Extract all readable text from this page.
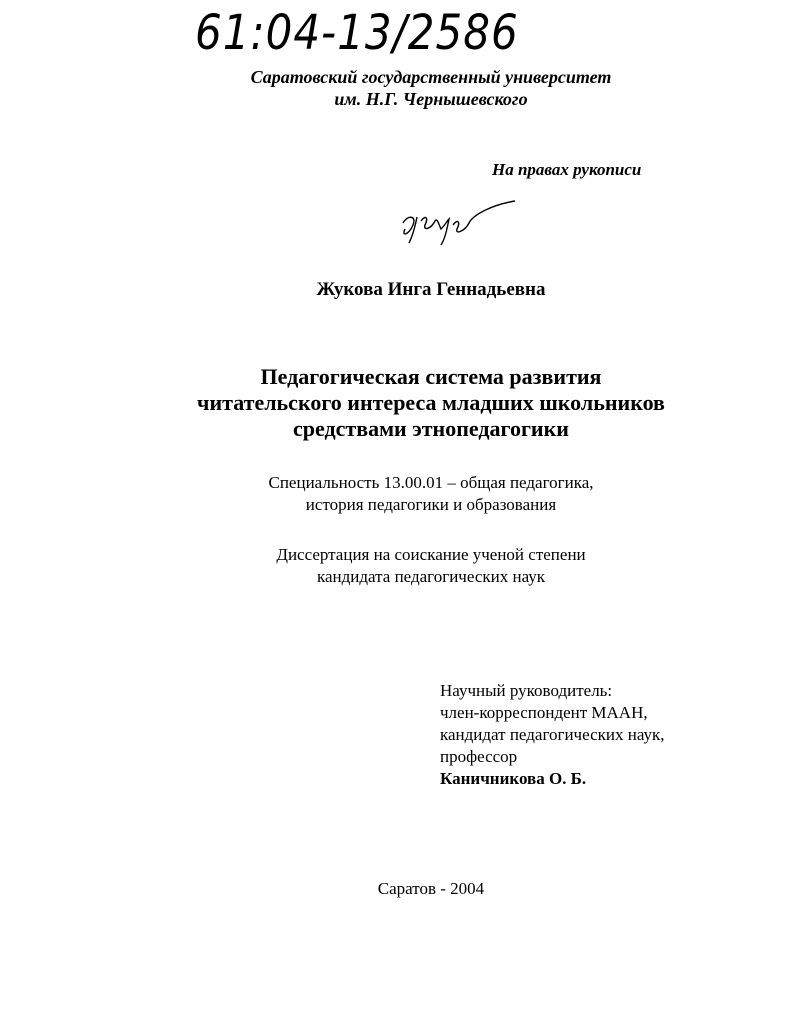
61:04-13/2586
Саратовский государственный университет
им. Н.Г. Чернышевского
На правах рукописи
Жукова Инга Геннадьевна
Педагогическая система развития
читательского интереса младших школьников
средствами этнопедагогики
Специальность 13.00.01 – общая педагогика,
история педагогики и образования
Диссертация на соискание ученой степени
кандидата педагогических наук
Научный руководитель:
член-корреспондент МААН,
кандидат педагогических наук,
профессор
Каничникова О. Б.
Саратов - 2004
